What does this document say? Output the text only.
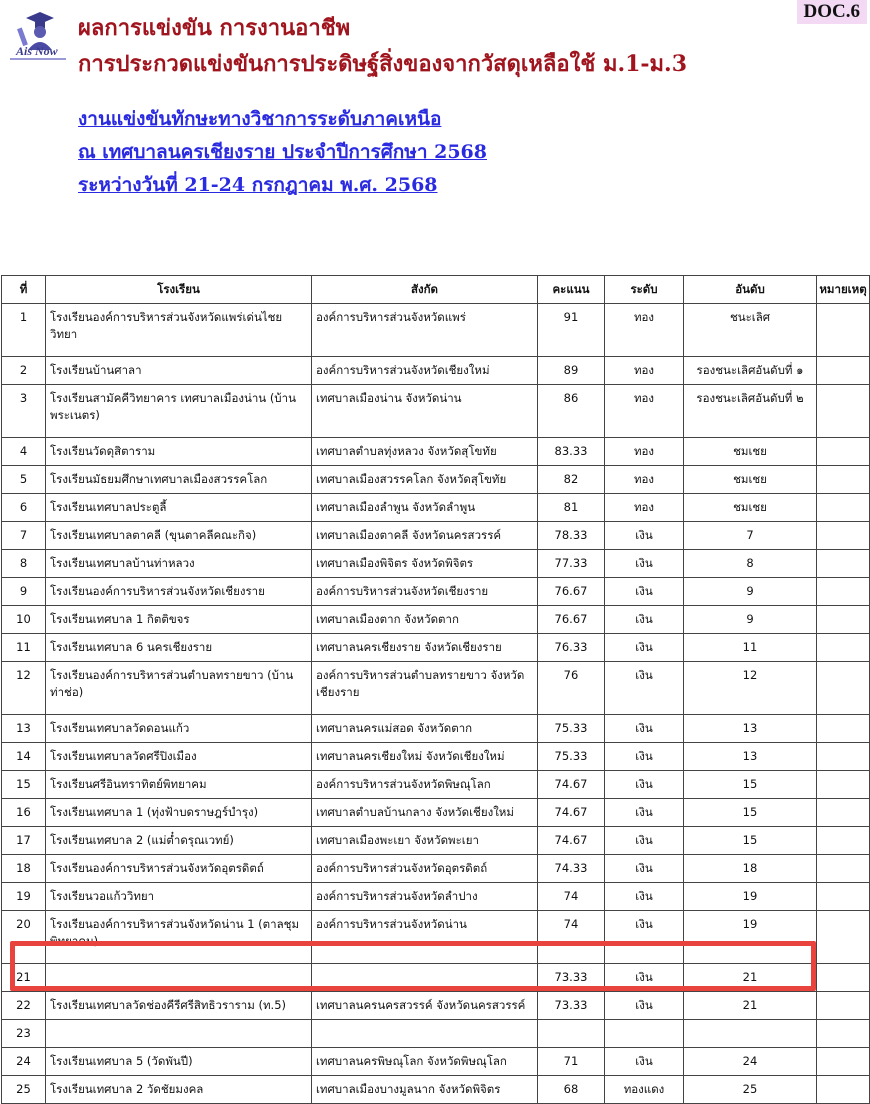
Ais Now
DOC.6
ผลการแข่งขัน การงานอาชีพ
การประกวดแข่งขันการประดิษฐ์สิ่งของจากวัสดุเหลือใช้ ม.1-ม.3
งานแข่งขันทักษะทางวิชาการระดับภาคเหนือ
ณ เทศบาลนครเชียงราย ประจำปีการศึกษา 2568
ระหว่างวันที่ 21-24 กรกฎาคม พ.ศ. 2568
ที่	โรงเรียน	สังกัด	คะแนน	ระดับ	อันดับ	หมายเหตุ
1	โรงเรียนองค์การบริหารส่วนจังหวัดแพร่เด่นไชยวิทยา	องค์การบริหารส่วนจังหวัดแพร่	91	ทอง	ชนะเลิศ	
2	โรงเรียนบ้านศาลา	องค์การบริหารส่วนจังหวัดเชียงใหม่	89	ทอง	รองชนะเลิศอันดับที่ ๑	
3	โรงเรียนสามัคคีวิทยาคาร เทศบาลเมืองน่าน (บ้านพระเนตร)	เทศบาลเมืองน่าน จังหวัดน่าน	86	ทอง	รองชนะเลิศอันดับที่ ๒	
4	โรงเรียนวัดดุสิตาราม	เทศบาลตำบลทุ่งหลวง จังหวัดสุโขทัย	83.33	ทอง	ชมเชย	
5	โรงเรียนมัธยมศึกษาเทศบาลเมืองสวรรคโลก	เทศบาลเมืองสวรรคโลก จังหวัดสุโขทัย	82	ทอง	ชมเชย	
6	โรงเรียนเทศบาลประตูลี้	เทศบาลเมืองลำพูน จังหวัดลำพูน	81	ทอง	ชมเชย	
7	โรงเรียนเทศบาลตาคลี (ขุนตาคลีคณะกิจ)	เทศบาลเมืองตาคลี จังหวัดนครสวรรค์	78.33	เงิน	7	
8	โรงเรียนเทศบาลบ้านท่าหลวง	เทศบาลเมืองพิจิตร จังหวัดพิจิตร	77.33	เงิน	8	
9	โรงเรียนองค์การบริหารส่วนจังหวัดเชียงราย	องค์การบริหารส่วนจังหวัดเชียงราย	76.67	เงิน	9	
10	โรงเรียนเทศบาล 1 กิตติขจร	เทศบาลเมืองตาก จังหวัดตาก	76.67	เงิน	9	
11	โรงเรียนเทศบาล 6 นครเชียงราย	เทศบาลนครเชียงราย จังหวัดเชียงราย	76.33	เงิน	11	
12	โรงเรียนองค์การบริหารส่วนตำบลทรายขาว (บ้านท่าช่อ)	องค์การบริหารส่วนตำบลทรายขาว จังหวัดเชียงราย	76	เงิน	12	
13	โรงเรียนเทศบาลวัดดอนแก้ว	เทศบาลนครแม่สอด จังหวัดตาก	75.33	เงิน	13	
14	โรงเรียนเทศบาลวัดศรีปิงเมือง	เทศบาลนครเชียงใหม่ จังหวัดเชียงใหม่	75.33	เงิน	13	
15	โรงเรียนศรีอินทราทิตย์พิทยาคม	องค์การบริหารส่วนจังหวัดพิษณุโลก	74.67	เงิน	15	
16	โรงเรียนเทศบาล 1 (ทุ่งฟ้าบดราษฎร์บำรุง)	เทศบาลตำบลบ้านกลาง จังหวัดเชียงใหม่	74.67	เงิน	15	
17	โรงเรียนเทศบาล 2 (แม่ต๋ำดรุณเวทย์)	เทศบาลเมืองพะเยา จังหวัดพะเยา	74.67	เงิน	15	
18	โรงเรียนองค์การบริหารส่วนจังหวัดอุตรดิตถ์	องค์การบริหารส่วนจังหวัดอุตรดิตถ์	74.33	เงิน	18	
19	โรงเรียนวอแก้ววิทยา	องค์การบริหารส่วนจังหวัดลำปาง	74	เงิน	19	
20	โรงเรียนองค์การบริหารส่วนจังหวัดน่าน 1 (ตาลชุมพิทยาคม)	องค์การบริหารส่วนจังหวัดน่าน	74	เงิน	19	
21			73.33	เงิน	21	
22	โรงเรียนเทศบาลวัดช่องคีรีศรีสิทธิวราราม (ท.5)	เทศบาลนครนครสวรรค์ จังหวัดนครสวรรค์	73.33	เงิน	21	
23						
24	โรงเรียนเทศบาล 5 (วัดพันปี)	เทศบาลนครพิษณุโลก จังหวัดพิษณุโลก	71	เงิน	24	
25	โรงเรียนเทศบาล 2 วัดชัยมงคล	เทศบาลเมืองบางมูลนาก จังหวัดพิจิตร	68	ทองแดง	25	
